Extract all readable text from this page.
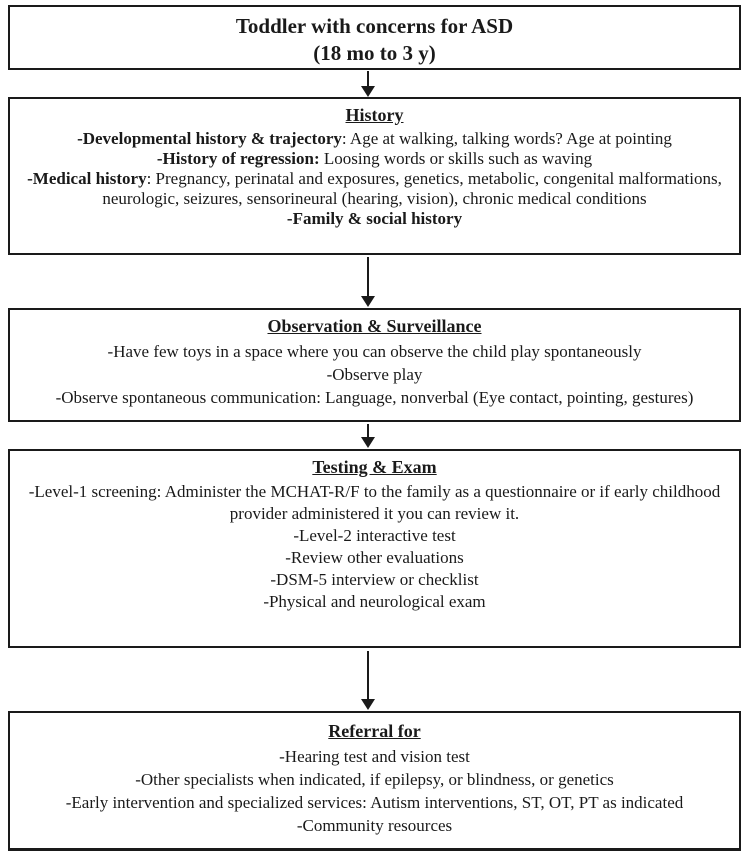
Toddler with concerns for ASD
(18 mo to 3 y)
History
-Developmental history & trajectory: Age at walking, talking words? Age at pointing
-History of regression: Loosing words or skills such as waving
-Medical history: Pregnancy, perinatal and exposures, genetics, metabolic, congenital malformations, neurologic, seizures, sensorineural (hearing, vision), chronic medical conditions
-Family & social history
Observation & Surveillance
-Have few toys in a space where you can observe the child play spontaneously
-Observe play
-Observe spontaneous communication: Language, nonverbal (Eye contact, pointing, gestures)
Testing & Exam
-Level-1 screening: Administer the MCHAT-R/F to the family as a questionnaire or if early childhood provider administered it you can review it.
-Level-2 interactive test
-Review other evaluations
-DSM-5 interview or checklist
-Physical and neurological exam
Referral for
-Hearing test and vision test
-Other specialists when indicated, if epilepsy, or blindness, or genetics
-Early intervention and specialized services: Autism interventions, ST, OT, PT as indicated
-Community resources
